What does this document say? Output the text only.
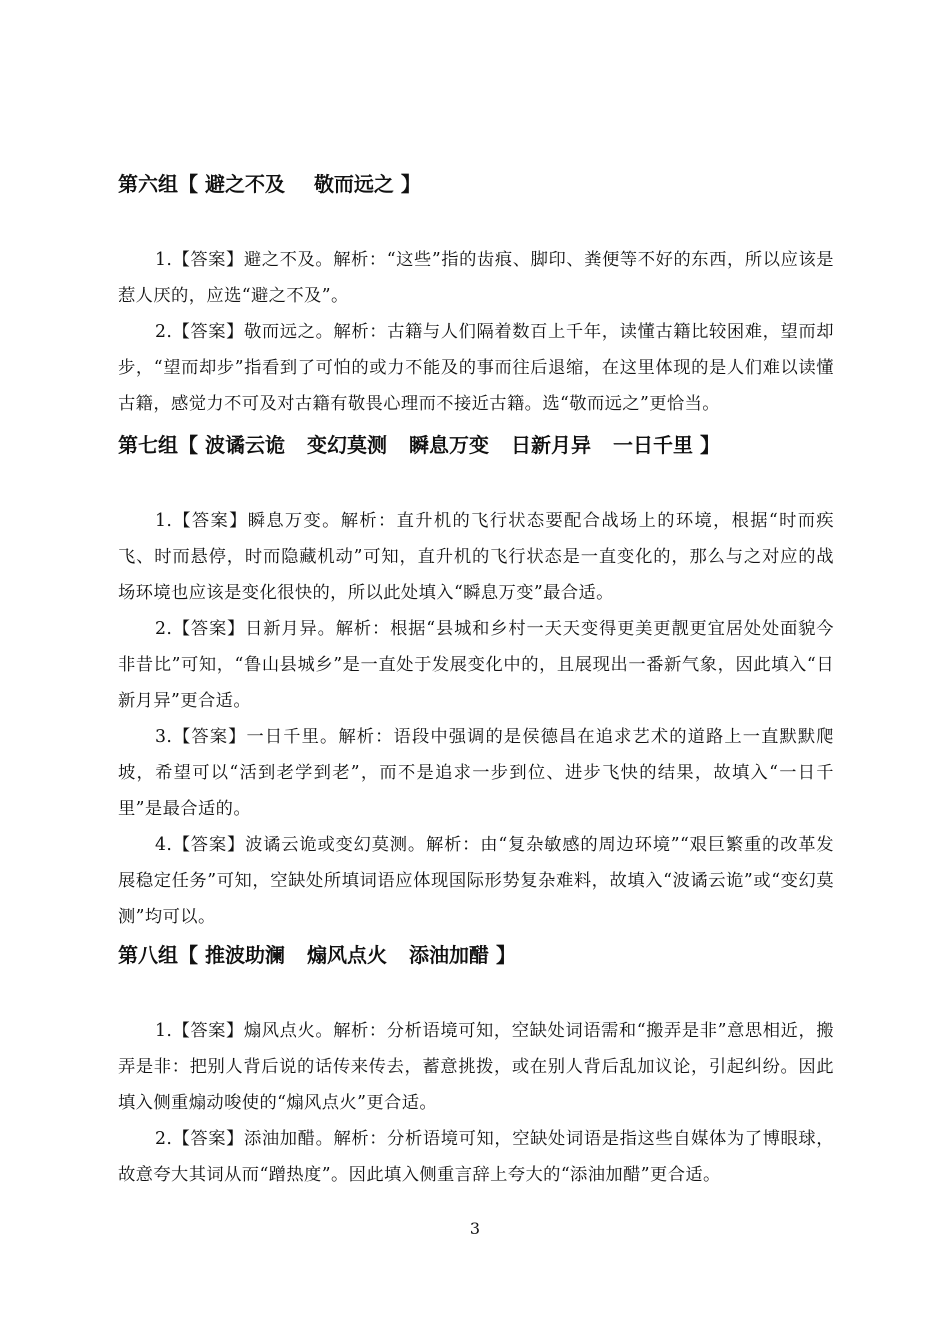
第六组【 避之不及 敬而远之 】

1.【答案】避之不及。解析：“这些”指的齿痕、脚印、粪便等不好的东西，所以应该是惹人厌的，应选“避之不及”。

2.【答案】敬而远之。解析：古籍与人们隔着数百上千年，读懂古籍比较困难，望而却步，“望而却步”指看到了可怕的或力不能及的事而往后退缩，在这里体现的是人们难以读懂古籍，感觉力不可及对古籍有敬畏心理而不接近古籍。选“敬而远之”更恰当。

第七组【 波谲云诡 变幻莫测 瞬息万变 日新月异 一日千里 】

1.【答案】瞬息万变。解析：直升机的飞行状态要配合战场上的环境，根据“时而疾飞、时而悬停，时而隐藏机动”可知，直升机的飞行状态是一直变化的，那么与之对应的战场环境也应该是变化很快的，所以此处填入“瞬息万变”最合适。

2.【答案】日新月异。解析：根据“县城和乡村一天天变得更美更靓更宜居处处面貌今非昔比”可知，“鲁山县城乡”是一直处于发展变化中的，且展现出一番新气象，因此填入“日新月异”更合适。

3.【答案】一日千里。解析：语段中强调的是侯德昌在追求艺术的道路上一直默默爬坡，希望可以“活到老学到老”，而不是追求一步到位、进步飞快的结果，故填入“一日千里”是最合适的。

4.【答案】波谲云诡或变幻莫测。解析：由“复杂敏感的周边环境”“艰巨繁重的改革发展稳定任务”可知，空缺处所填词语应体现国际形势复杂难料，故填入“波谲云诡”或“变幻莫测”均可以。

第八组【 推波助澜 煽风点火 添油加醋 】

1.【答案】煽风点火。解析：分析语境可知，空缺处词语需和“搬弄是非”意思相近，搬弄是非：把别人背后说的话传来传去，蓄意挑拨，或在别人背后乱加议论，引起纠纷。因此填入侧重煽动唆使的“煽风点火”更合适。

2.【答案】添油加醋。解析：分析语境可知，空缺处词语是指这些自媒体为了博眼球，故意夸大其词从而“蹭热度”。因此填入侧重言辞上夸大的“添油加醋”更合适。

3
